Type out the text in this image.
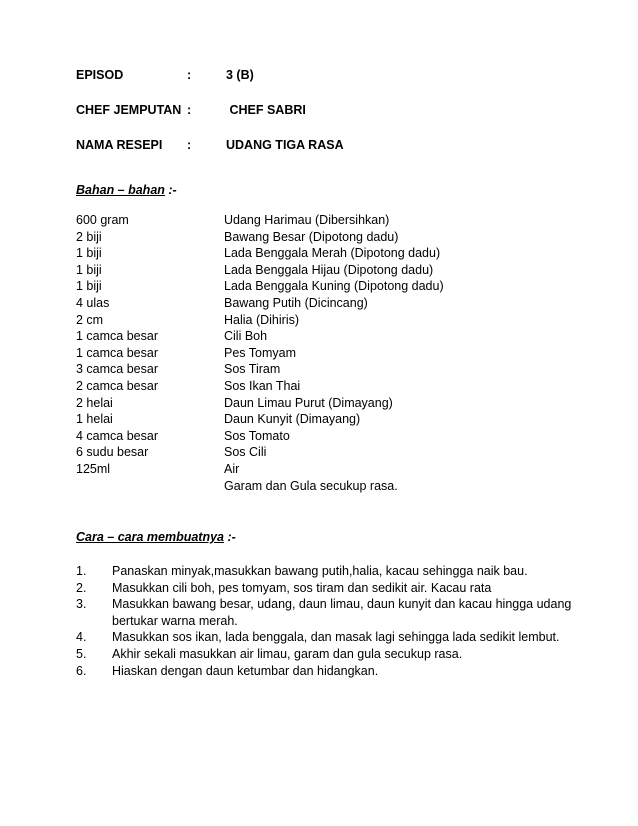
EPISOD	:	3 (B)
CHEF JEMPUTAN :	CHEF SABRI
NAMA RESEPI :	UDANG TIGA RASA
Bahan – bahan :-
600 gram	Udang Harimau (Dibersihkan)
2 biji	Bawang Besar (Dipotong dadu)
1 biji	Lada Benggala Merah (Dipotong dadu)
1 biji	Lada Benggala Hijau (Dipotong dadu)
1 biji	Lada Benggala Kuning (Dipotong dadu)
4 ulas	Bawang Putih (Dicincang)
2 cm	Halia (Dihiris)
1 camca besar	Cili Boh
1 camca besar	Pes Tomyam
3 camca besar	Sos Tiram
2 camca besar	Sos Ikan Thai
2 helai	Daun Limau Purut (Dimayang)
1 helai	Daun Kunyit (Dimayang)
4 camca besar	Sos Tomato
6 sudu besar	Sos Cili
125ml	Air
Garam dan Gula secukup rasa.
Cara – cara membuatnya :-
1. Panaskan minyak,masukkan bawang putih,halia, kacau sehingga naik bau.
2. Masukkan cili boh, pes tomyam, sos tiram dan sedikit air. Kacau rata
3. Masukkan bawang besar, udang, daun limau, daun kunyit dan kacau hingga udang bertukar warna merah.
4. Masukkan sos ikan, lada benggala, dan masak lagi sehingga lada sedikit lembut.
5. Akhir sekali masukkan air limau, garam dan gula secukup rasa.
6. Hiaskan dengan daun ketumbar dan hidangkan.
